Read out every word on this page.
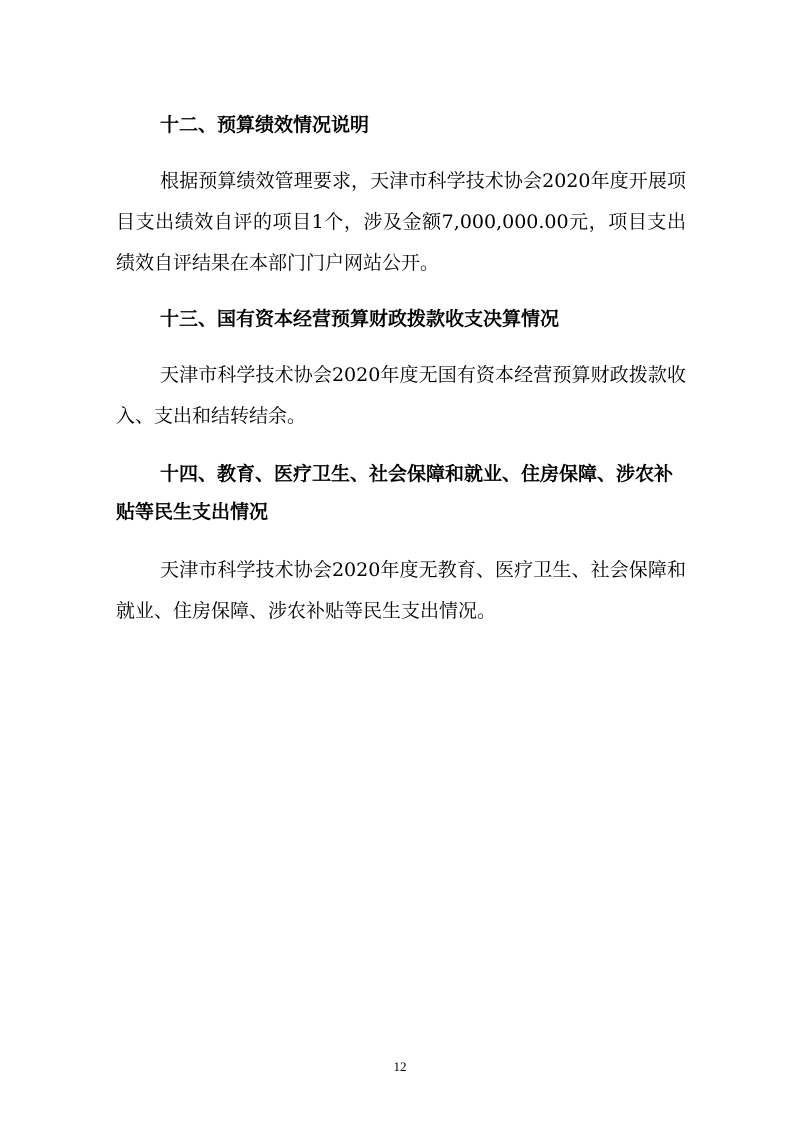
十二、预算绩效情况说明

根据预算绩效管理要求，天津市科学技术协会2020年度开展项目支出绩效自评的项目1个，涉及金额7,000,000.00元，项目支出绩效自评结果在本部门门户网站公开。

十三、国有资本经营预算财政拨款收支决算情况

天津市科学技术协会2020年度无国有资本经营预算财政拨款收入、支出和结转结余。

十四、教育、医疗卫生、社会保障和就业、住房保障、涉农补贴等民生支出情况

天津市科学技术协会2020年度无教育、医疗卫生、社会保障和就业、住房保障、涉农补贴等民生支出情况。

12
